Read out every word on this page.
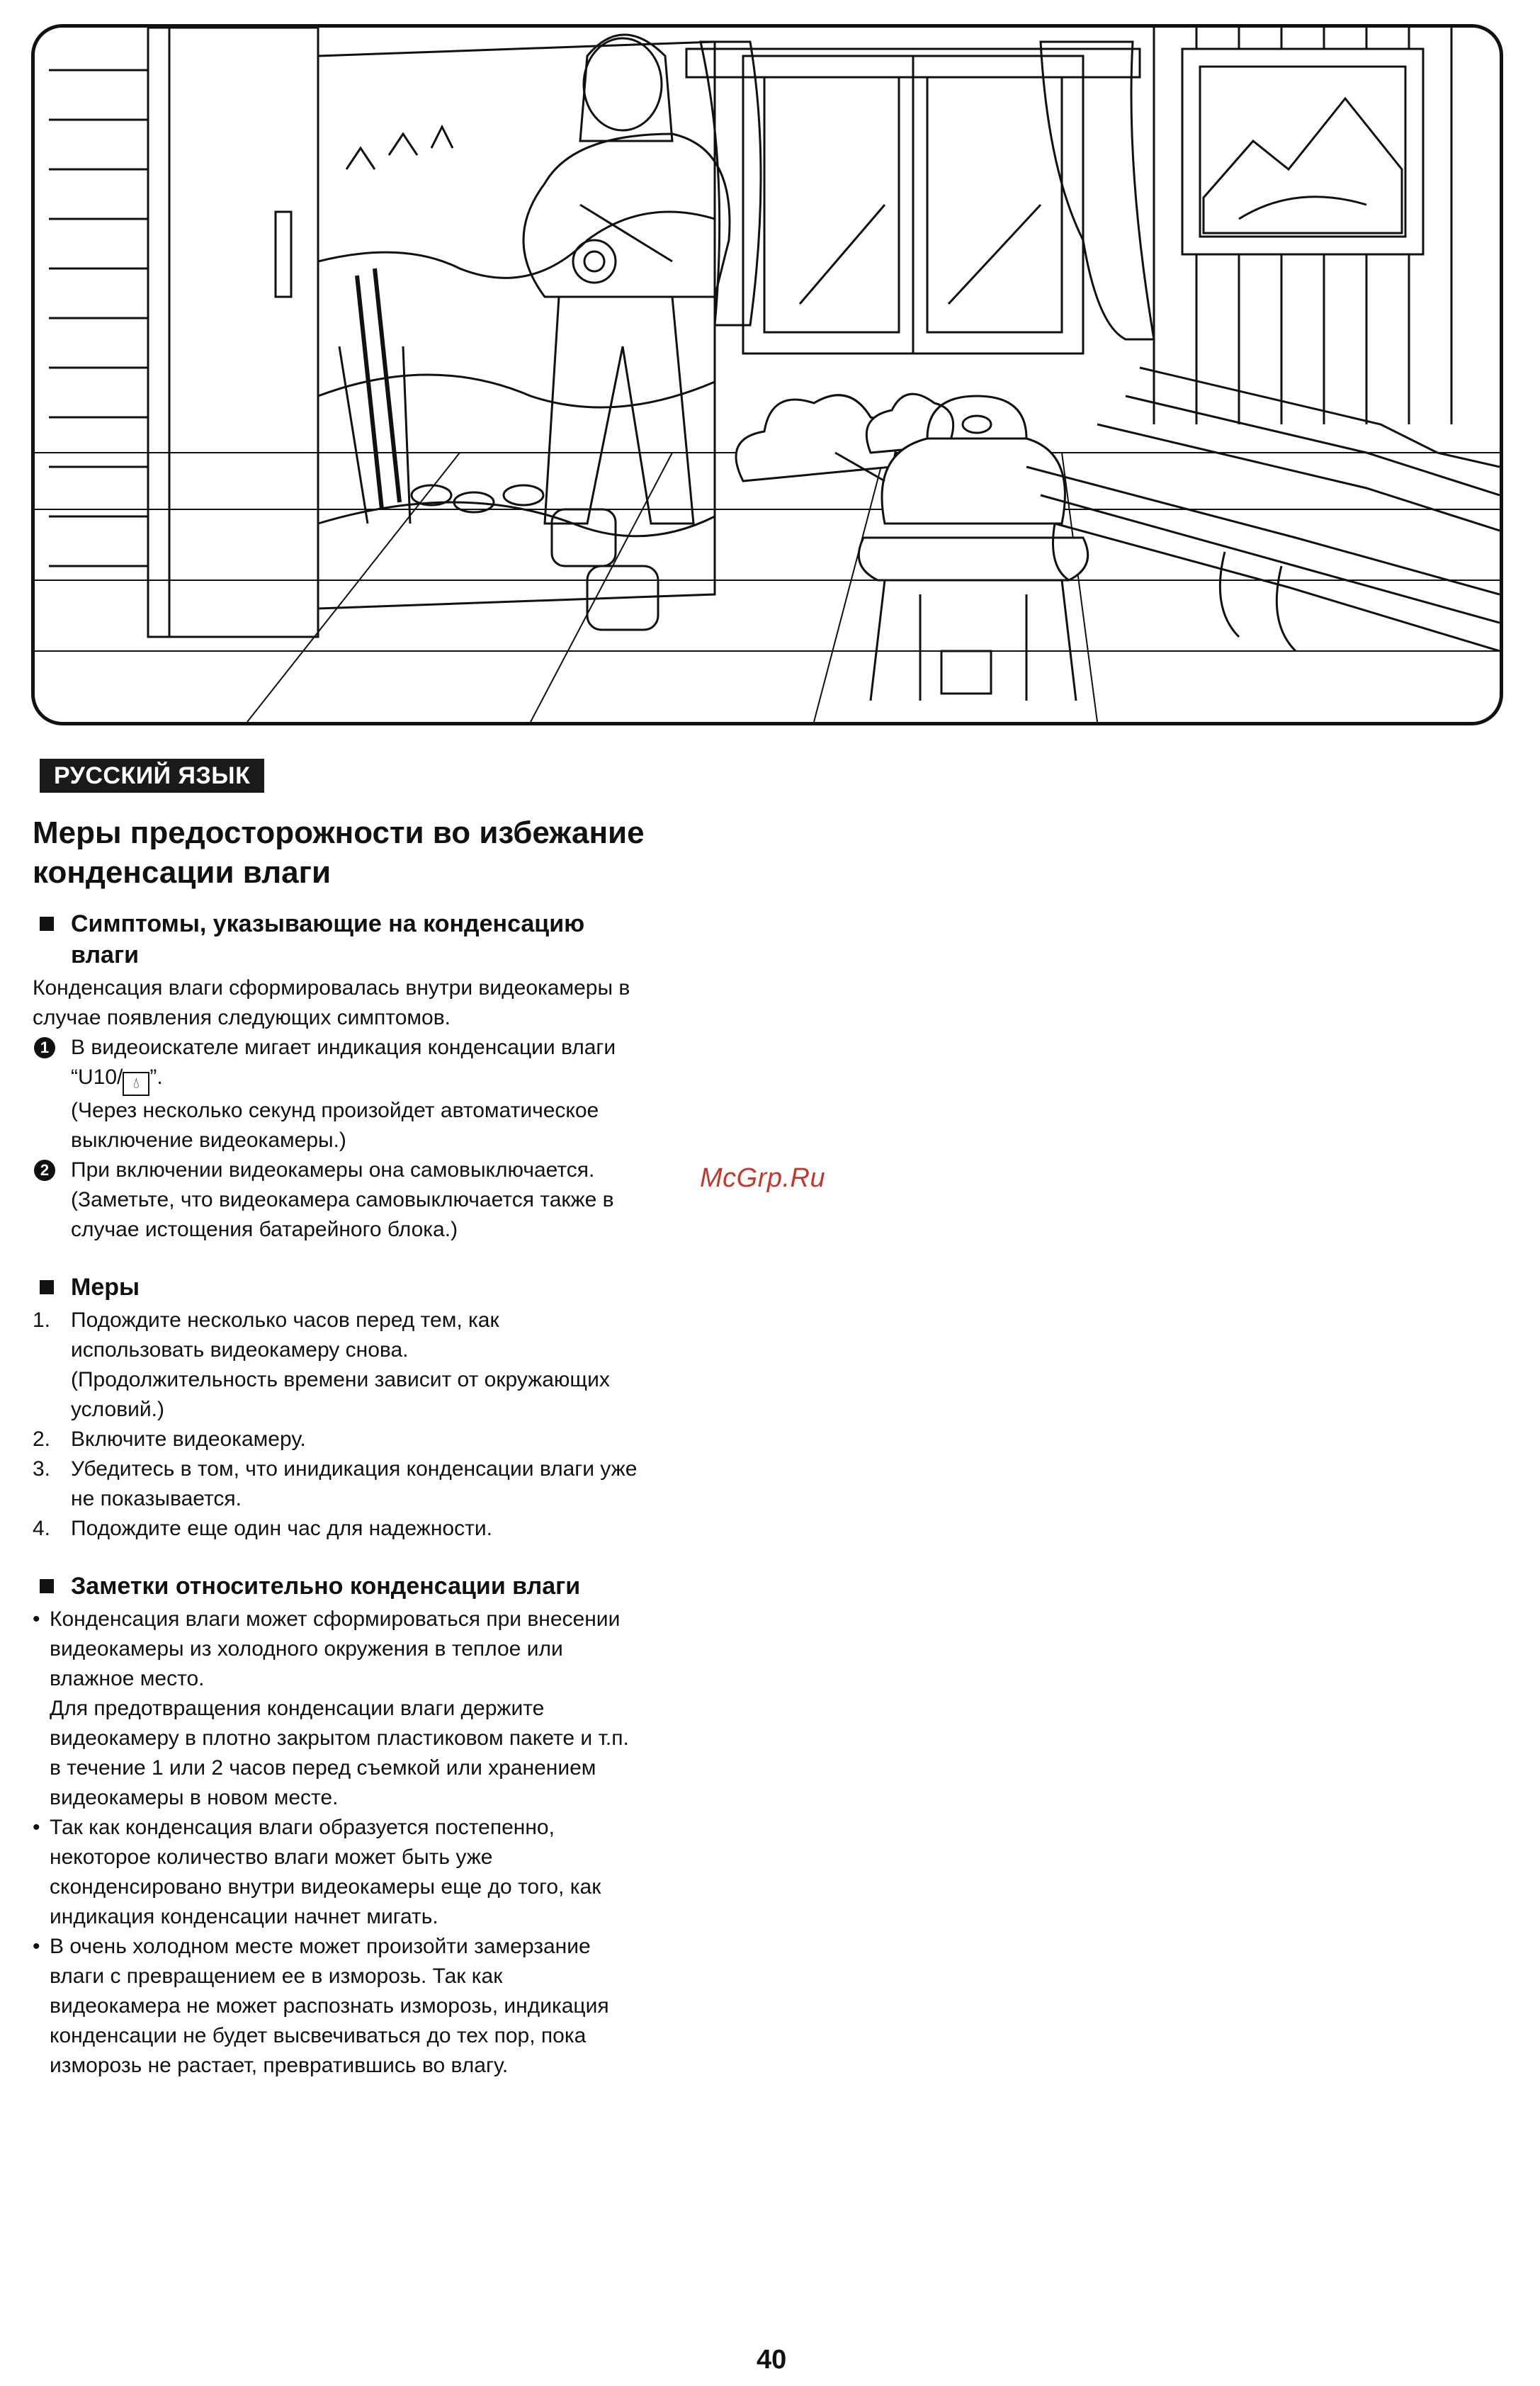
РУССКИЙ ЯЗЫК
Меры предосторожности во избежание
конденсации влаги
Симптомы, указывающие на конденсацию
влаги

Конденсация влаги сформировалась внутри видеокамеры в
случае появления следующих симптомов.

1 В видеоискателе мигает индикация конденсации влаги
“U10/ 💧︎ ”.
(Через несколько секунд произойдет автоматическое
выключение видеокамеры.)
2 При включении видеокамеры она самовыключается.
(Заметьте, что видеокамера самовыключается также в
случае истощения батарейного блока.)
Меры
1. Подождите несколько часов перед тем, как
использовать видеокамеру снова.
(Продолжительность времени зависит от окружающих
условий.)
2. Включите видеокамеру.
3. Убедитесь в том, что инидикация конденсации влаги уже
не показывается.
4. Подождите еще один час для надежности.
Заметки относительно конденсации влаги
• Конденсация влаги может сформироваться при внесении
видеокамеры из холодного окружения в теплое или
влажное место.
Для предотвращения конденсации влаги держите
видеокамеру в плотно закрытом пластиковом пакете и т.п.
в течение 1 или 2 часов перед съемкой или хранением
видеокамеры в новом месте.
• Так как конденсация влаги образуется постепенно,
некоторое количество влаги может быть уже
сконденсировано внутри видеокамеры еще до того, как
индикация конденсации начнет мигать.
• В очень холодном месте может произойти замерзание
влаги с превращением ее в изморозь. Так как
видеокамера не может распознать изморозь, индикация
конденсации не будет высвечиваться до тех пор, пока
изморозь не растает, превратившись во влагу.
McGrp.Ru
40
